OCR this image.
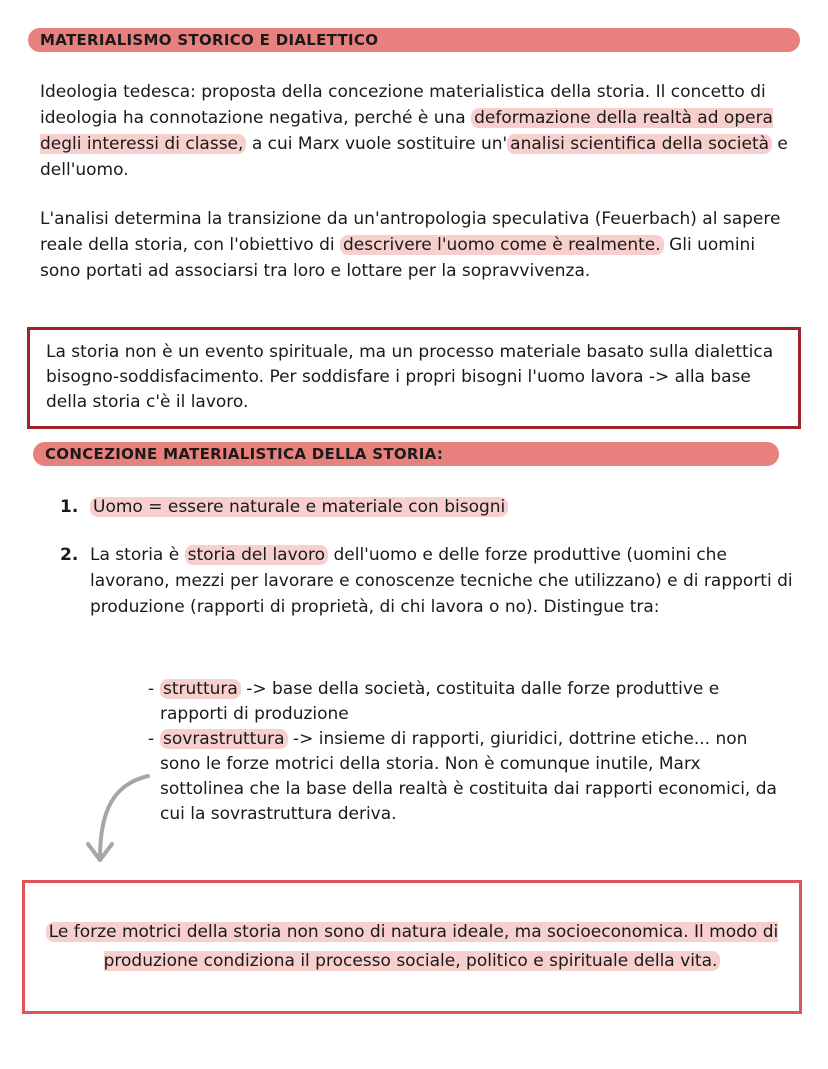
MATERIALISMO STORICO E DIALETTICO

Ideologia tedesca: proposta della concezione materialistica della storia. Il concetto di ideologia ha connotazione negativa, perché è una deformazione della realtà ad opera degli interessi di classe, a cui Marx vuole sostituire un' analisi scientifica della società e dell'uomo.

L'analisi determina la transizione da un'antropologia speculativa (Feuerbach) al sapere reale della storia, con l'obiettivo di descrivere l'uomo come è realmente. Gli uomini sono portati ad associarsi tra loro e lottare per la sopravvivenza.

La storia non è un evento spirituale, ma un processo materiale basato sulla dialettica bisogno-soddisfacimento. Per soddisfare i propri bisogni l'uomo lavora -> alla base della storia c'è il lavoro.

CONCEZIONE MATERIALISTICA DELLA STORIA:
1. Uomo = essere naturale e materiale con bisogni
2. La storia è storia del lavoro dell'uomo e delle forze produttive (uomini che lavorano, mezzi per lavorare e conoscenze tecniche che utilizzano) e di rapporti di produzione (rapporti di proprietà, di chi lavora o no). Distingue tra:
- struttura -> base della società, costituita dalle forze produttive e rapporti di produzione
- sovrastruttura -> insieme di rapporti, giuridici, dottrine etiche... non sono le forze motrici della storia. Non è comunque inutile, Marx sottolinea che la base della realtà è costituita dai rapporti economici, da cui la sovrastruttura deriva.

Le forze motrici della storia non sono di natura ideale, ma socioeconomica. Il modo di produzione condiziona il processo sociale, politico e spirituale della vita.
